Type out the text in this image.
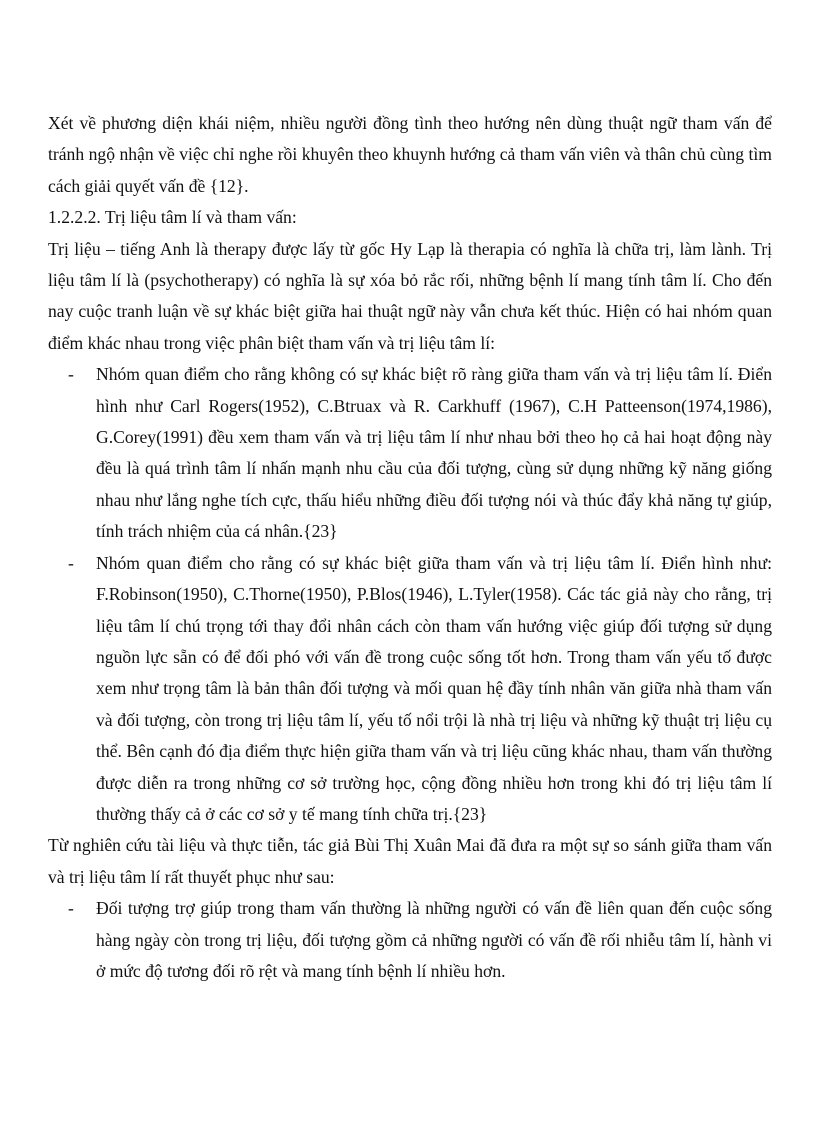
Xét về phương diện khái niệm, nhiều người đồng tình theo hướng nên dùng thuật ngữ tham vấn để tránh ngộ nhận về việc chỉ nghe rồi khuyên theo khuynh hướng cả tham vấn viên và thân chủ cùng tìm cách giải quyết vấn đề {12}.

1.2.2.2. Trị liệu tâm lí và tham vấn:

Trị liệu – tiếng Anh là therapy được lấy từ gốc Hy Lạp là therapia có nghĩa là chữa trị, làm lành. Trị liệu tâm lí là (psychotherapy) có nghĩa là sự xóa bỏ rắc rối, những bệnh lí mang tính tâm lí. Cho đến nay cuộc tranh luận về sự khác biệt giữa hai thuật ngữ này vẫn chưa kết thúc. Hiện có hai nhóm quan điểm khác nhau trong việc phân biệt tham vấn và trị liệu tâm lí:

- Nhóm quan điểm cho rằng không có sự khác biệt rõ ràng giữa tham vấn và trị liệu tâm lí. Điển hình như Carl Rogers(1952), C.Btruax và R. Carkhuff (1967), C.H Patteenson(1974,1986), G.Corey(1991) đều xem tham vấn và trị liệu tâm lí như nhau bởi theo họ cả hai hoạt động này đều là quá trình tâm lí nhấn mạnh nhu cầu của đối tượng, cùng sử dụng những kỹ năng giống nhau như lắng nghe tích cực, thấu hiểu những điều đối tượng nói và thúc đẩy khả năng tự giúp, tính trách nhiệm của cá nhân.{23}
- Nhóm quan điểm cho rằng có sự khác biệt giữa tham vấn và trị liệu tâm lí. Điển hình như: F.Robinson(1950), C.Thorne(1950), P.Blos(1946), L.Tyler(1958). Các tác giả này cho rằng, trị liệu tâm lí chú trọng tới thay đổi nhân cách còn tham vấn hướng việc giúp đối tượng sử dụng nguồn lực sẵn có để đối phó với vấn đề trong cuộc sống tốt hơn. Trong tham vấn yếu tố được xem như trọng tâm là bản thân đối tượng và mối quan hệ đầy tính nhân văn giữa nhà tham vấn và đối tượng, còn trong trị liệu tâm lí, yếu tố nổi trội là nhà trị liệu và những kỹ thuật trị liệu cụ thể. Bên cạnh đó địa điểm thực hiện giữa tham vấn và trị liệu cũng khác nhau, tham vấn thường được diễn ra trong những cơ sở trường học, cộng đồng nhiều hơn trong khi đó trị liệu tâm lí thường thấy cả ở các cơ sở y tế mang tính chữa trị.{23}

Từ nghiên cứu tài liệu và thực tiễn, tác giả Bùi Thị Xuân Mai đã đưa ra một sự so sánh giữa tham vấn và trị liệu tâm lí rất thuyết phục như sau:

- Đối tượng trợ giúp trong tham vấn thường là những người có vấn đề liên quan đến cuộc sống hàng ngày còn trong trị liệu, đối tượng gồm cả những người có vấn đề rối nhiễu tâm lí, hành vi ở mức độ tương đối rõ rệt và mang tính bệnh lí nhiều hơn.
